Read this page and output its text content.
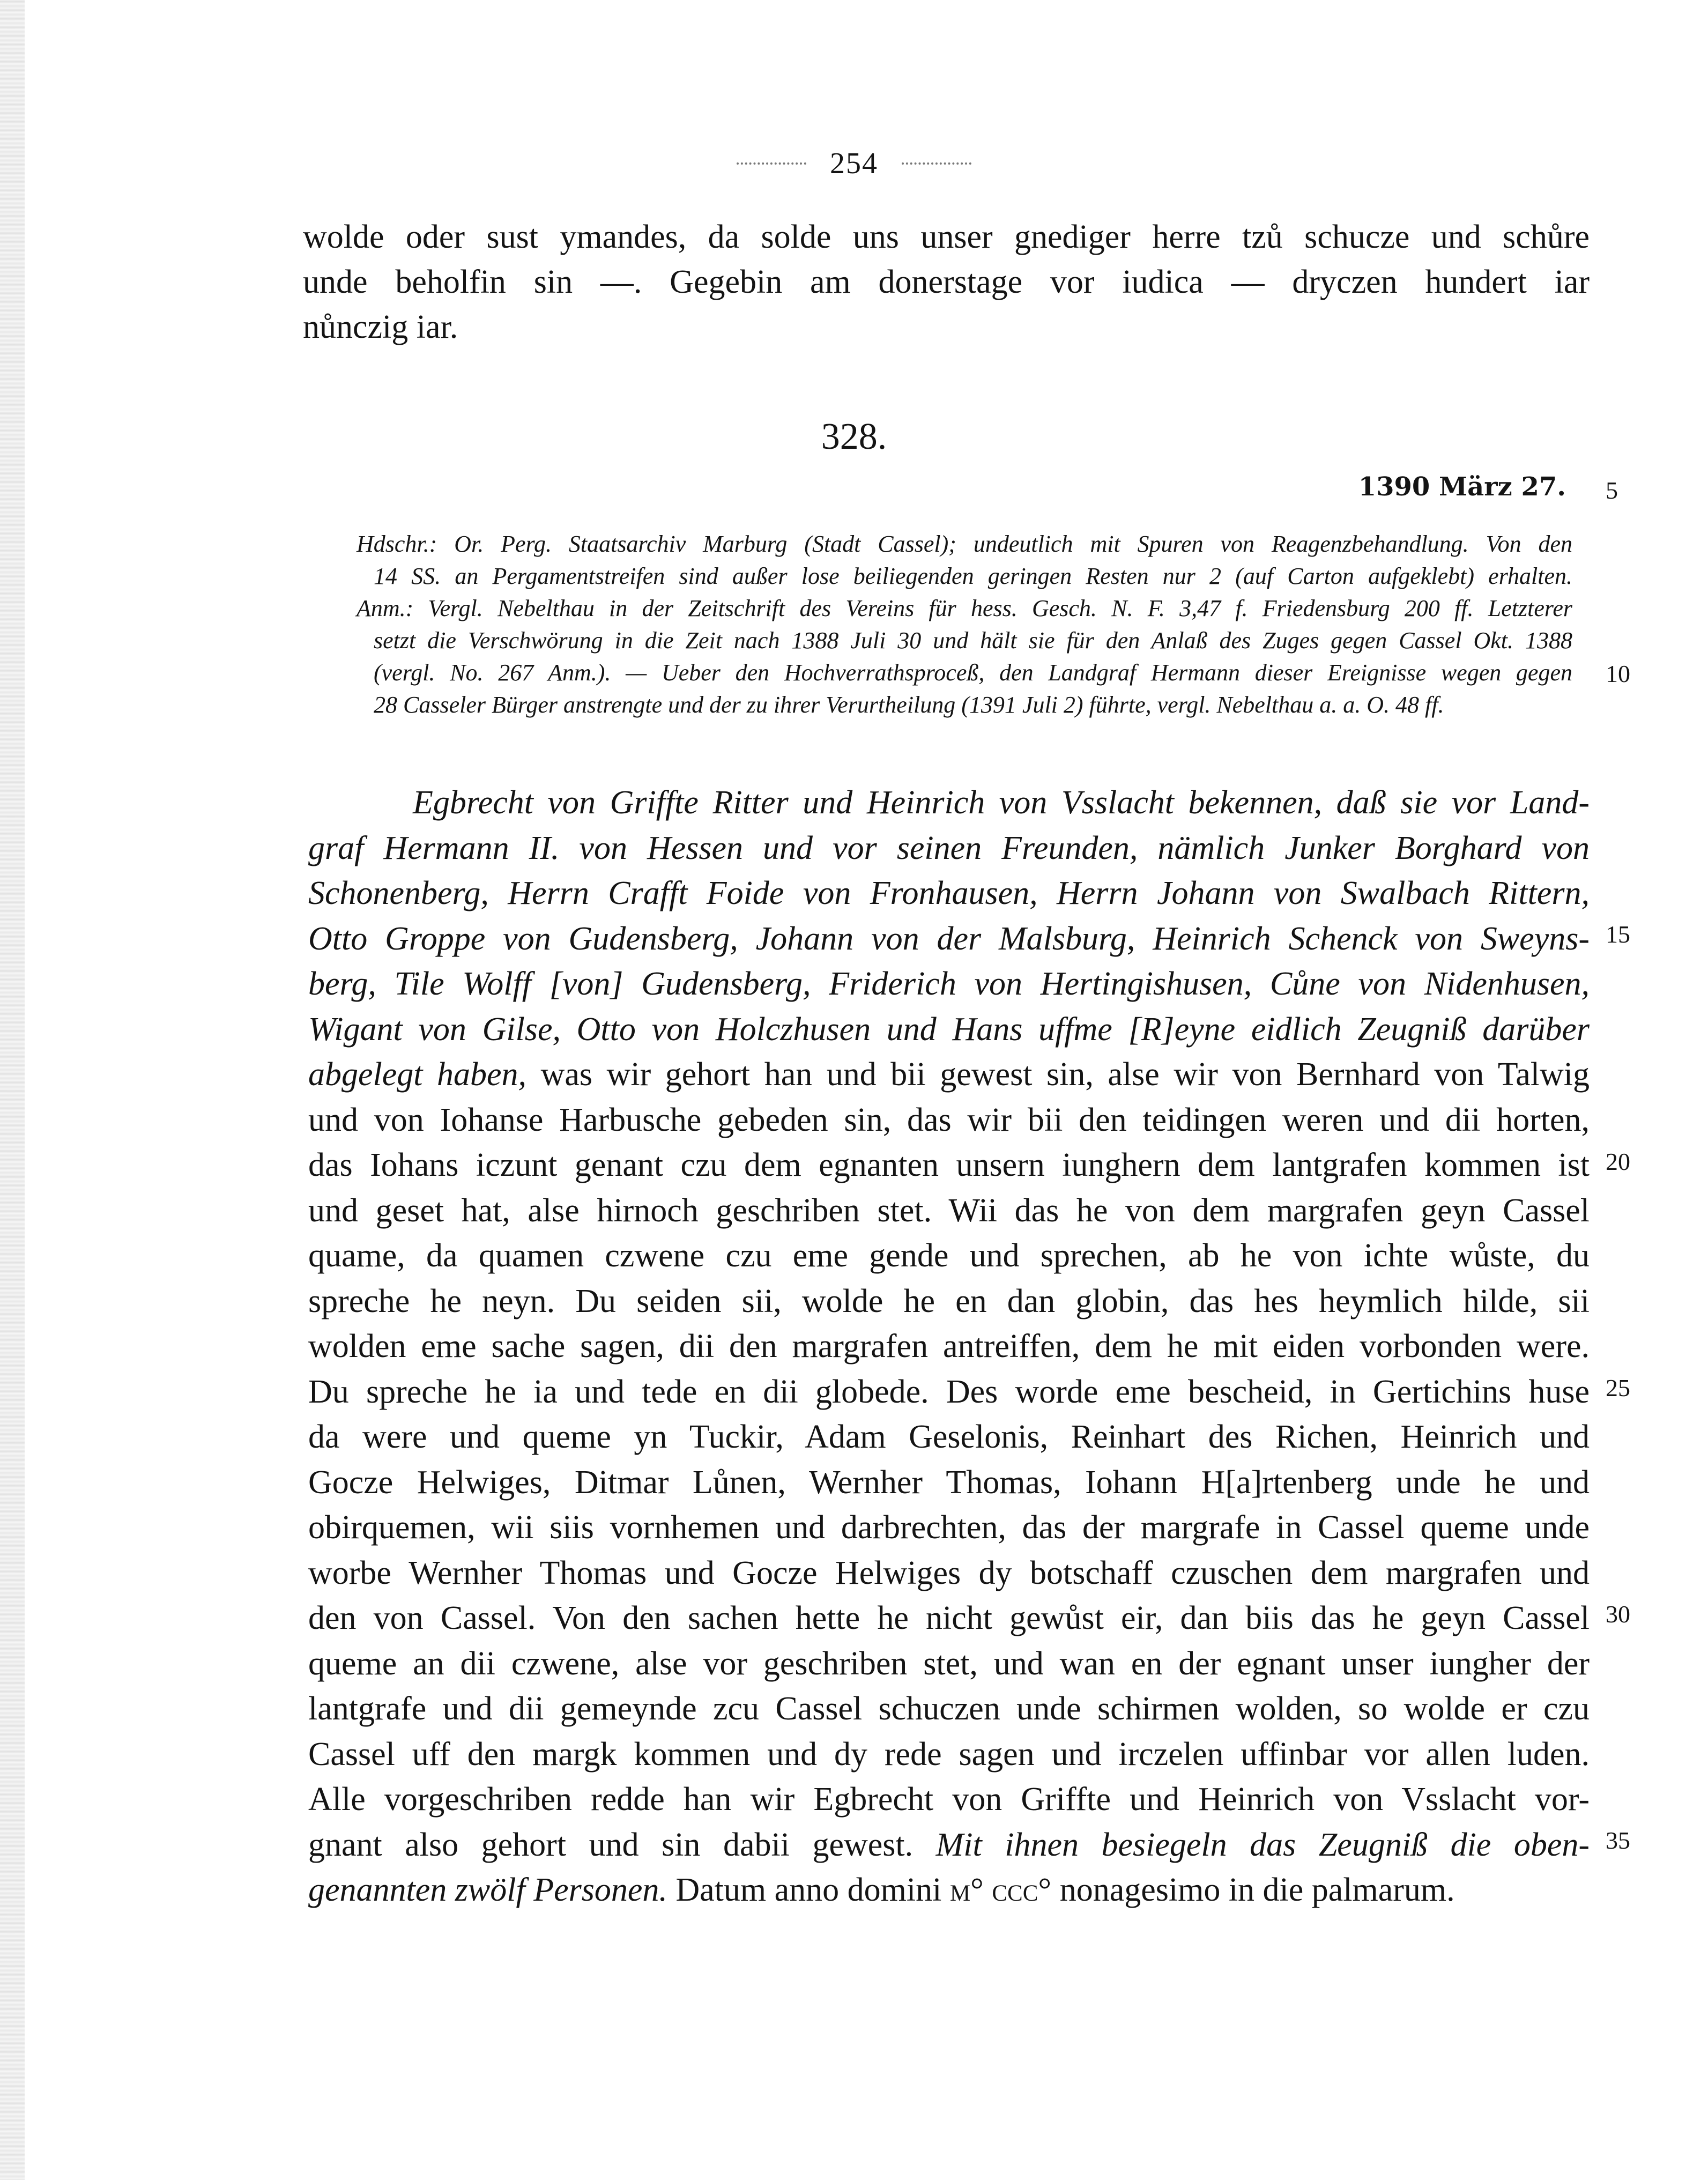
254
wolde oder sust ymandes, da solde uns unser gnediger herre tzů schucze und schůre
unde beholfin sin —. Gegebin am donerstage vor iudica — dryczen hundert iar
nůnczig iar.
328.
1390 März 27.
Hdschr.: Or. Perg. Staatsarchiv Marburg (Stadt Cassel); undeutlich mit Spuren von Reagenzbehandlung. Von den
14 SS. an Pergamentstreifen sind außer lose beiliegenden geringen Resten nur 2 (auf Carton aufgeklebt) erhalten.
Anm.: Vergl. Nebelthau in der Zeitschrift des Vereins für hess. Gesch. N. F. 3,47 f. Friedensburg 200 ff. Letzterer
setzt die Verschwörung in die Zeit nach 1388 Juli 30 und hält sie für den Anlaß des Zuges gegen Cassel Okt. 1388
(vergl. No. 267 Anm.). — Ueber den Hochverrathsproceß, den Landgraf Hermann dieser Ereignisse wegen gegen
28 Casseler Bürger anstrengte und der zu ihrer Verurtheilung (1391 Juli 2) führte, vergl. Nebelthau a. a. O. 48 ff.
Egbrecht von Griffte Ritter und Heinrich von Vsslacht bekennen, daß sie vor Land-
graf Hermann II. von Hessen und vor seinen Freunden, nämlich Junker Borghard von
Schonenberg, Herrn Crafft Foide von Fronhausen, Herrn Johann von Swalbach Rittern,
Otto Groppe von Gudensberg, Johann von der Malsburg, Heinrich Schenck von Sweyns-
berg, Tile Wolff [von] Gudensberg, Friderich von Hertingishusen, Cůne von Nidenhusen,
Wigant von Gilse, Otto von Holczhusen und Hans uffme [R]eyne eidlich Zeugniß darüber
abgelegt haben, was wir gehort han und bii gewest sin, alse wir von Bernhard von Talwig
und von Iohanse Harbusche gebeden sin, das wir bii den teidingen weren und dii horten,
das Iohans iczunt genant czu dem egnanten unsern iunghern dem lantgrafen kommen ist
und geset hat, alse hirnoch geschriben stet. Wii das he von dem margrafen geyn Cassel
quame, da quamen czwene czu eme gende und sprechen, ab he von ichte wůste, du
spreche he neyn. Du seiden sii, wolde he en dan globin, das hes heymlich hilde, sii
wolden eme sache sagen, dii den margrafen antreiffen, dem he mit eiden vorbonden were.
Du spreche he ia und tede en dii globede. Des worde eme bescheid, in Gertichins huse
da were und queme yn Tuckir, Adam Geselonis, Reinhart des Richen, Heinrich und
Gocze Helwiges, Ditmar Lůnen, Wernher Thomas, Iohann H[a]rtenberg unde he und
obirquemen, wii siis vornhemen und darbrechten, das der margrafe in Cassel queme unde
worbe Wernher Thomas und Gocze Helwiges dy botschaff czuschen dem margrafen und
den von Cassel. Von den sachen hette he nicht gewůst eir, dan biis das he geyn Cassel
queme an dii czwene, alse vor geschriben stet, und wan en der egnant unser iungher der
lantgrafe und dii gemeynde zcu Cassel schuczen unde schirmen wolden, so wolde er czu
Cassel uff den margk kommen und dy rede sagen und irczelen uffinbar vor allen luden.
Alle vorgeschriben redde han wir Egbrecht von Griffte und Heinrich von Vsslacht vor-
gnant also gehort und sin dabii gewest. Mit ihnen besiegeln das Zeugniß die oben-
genannten zwölf Personen. Datum anno domini m° ccc° nonagesimo in die palmarum.
5
10
15
20
25
30
35
